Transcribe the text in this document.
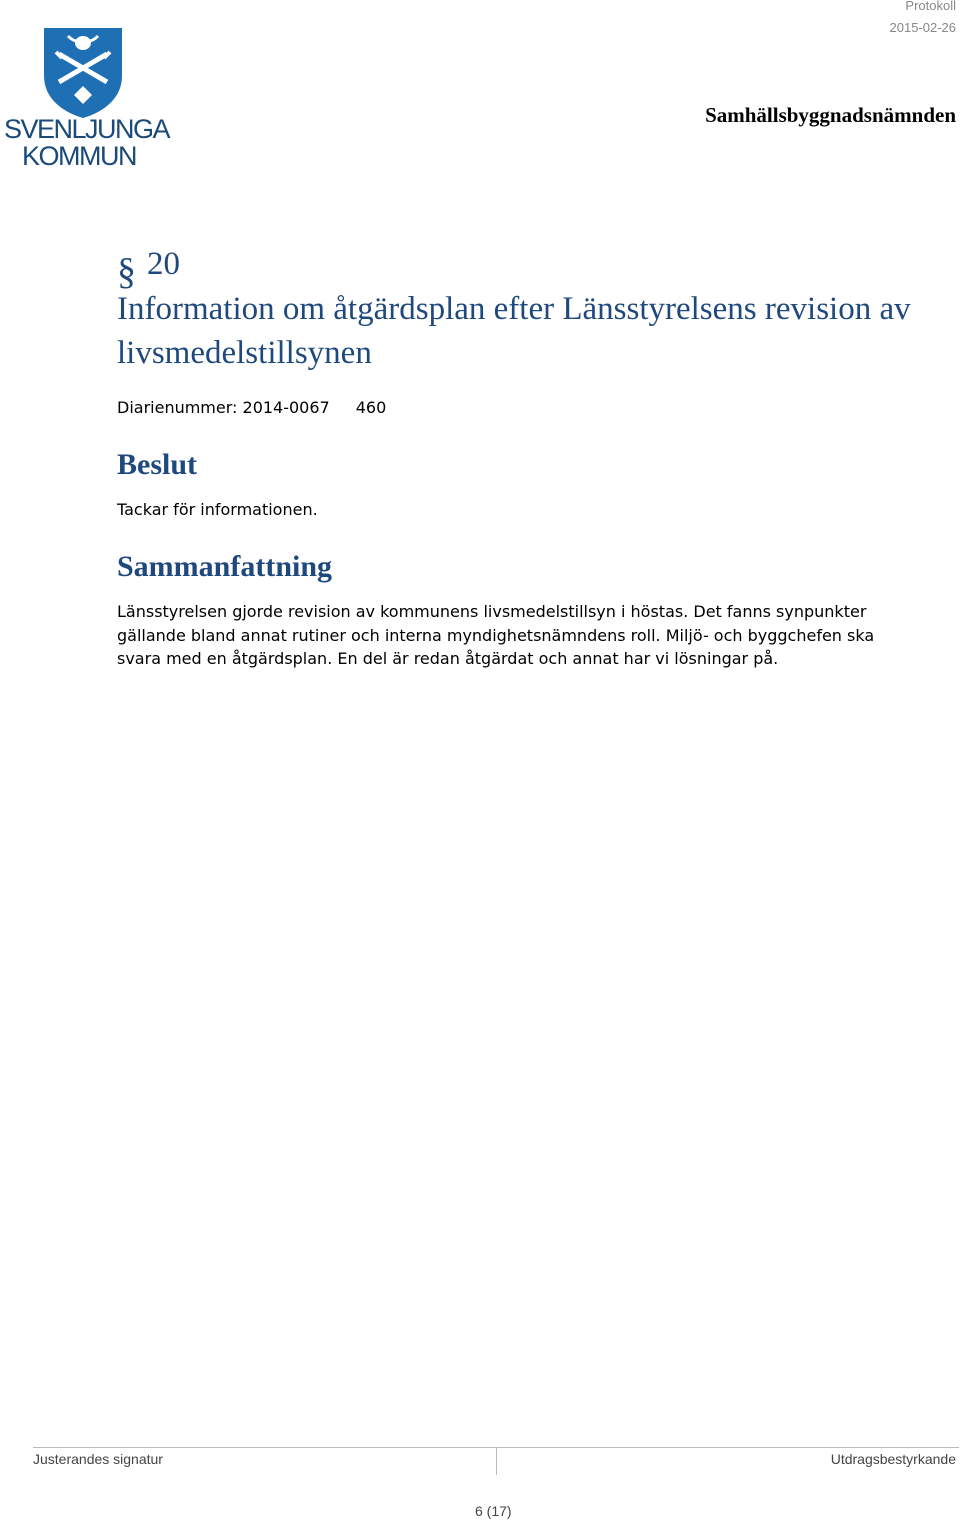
Protokoll
2015-02-26
Samhällsbyggnadsnämnden
SVENLJUNGA
KOMMUN
§ 20
Information om åtgärdsplan efter Länsstyrelsens revision av livsmedelstillsynen
Diarienummer: 2014-0067 460
Beslut
Tackar för informationen.
Sammanfattning
Länsstyrelsen gjorde revision av kommunens livsmedelstillsyn i höstas. Det fanns synpunkter gällande bland annat rutiner och interna myndighetsnämndens roll. Miljö- och byggchefen ska svara med en åtgärdsplan. En del är redan åtgärdat och annat har vi lösningar på.
Justerandes signatur	Utdragsbestyrkande
6 (17)
